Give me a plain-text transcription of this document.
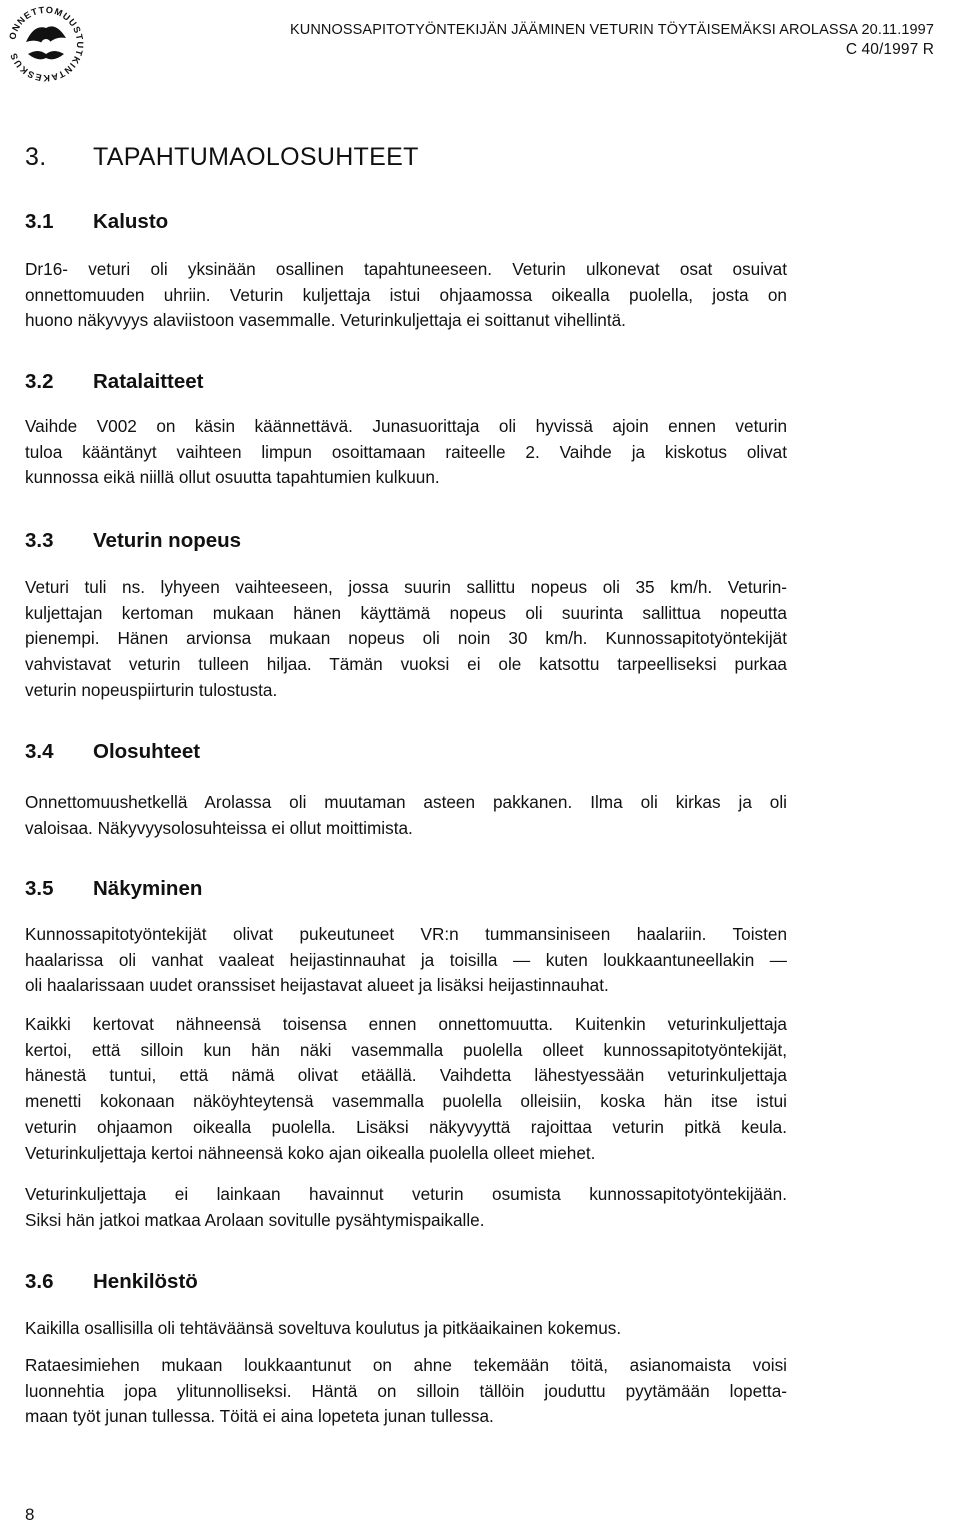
ONNETTOMUUSTUTKINTAKESKUS
KUNNOSSAPITOTYÖNTEKIJÄN JÄÄMINEN VETURIN TÖYTÄISEMÄKSI AROLASSA 20.11.1997
C 40/1997 R
3. TAPAHTUMAOLOSUHTEET
3.1 Kalusto
Dr16- veturi oli yksinään osallinen tapahtuneeseen. Veturin ulkonevat osat osuivat
onnettomuuden uhriin. Veturin kuljettaja istui ohjaamossa oikealla puolella, josta on
huono näkyvyys alaviistoon vasemmalle. Veturinkuljettaja ei soittanut vihellintä.
3.2 Ratalaitteet
Vaihde V002 on käsin käännettävä. Junasuorittaja oli hyvissä ajoin ennen veturin
tuloa kääntänyt vaihteen limpun osoittamaan raiteelle 2. Vaihde ja kiskotus olivat
kunnossa eikä niillä ollut osuutta tapahtumien kulkuun.
3.3 Veturin nopeus
Veturi tuli ns. lyhyeen vaihteeseen, jossa suurin sallittu nopeus oli 35 km/h. Veturin-
kuljettajan kertoman mukaan hänen käyttämä nopeus oli suurinta sallittua nopeutta
pienempi. Hänen arvionsa mukaan nopeus oli noin 30 km/h. Kunnossapitotyöntekijät
vahvistavat veturin tulleen hiljaa. Tämän vuoksi ei ole katsottu tarpeelliseksi purkaa
veturin nopeuspiirturin tulostusta.
3.4 Olosuhteet
Onnettomuushetkellä Arolassa oli muutaman asteen pakkanen. Ilma oli kirkas ja oli
valoisaa. Näkyvyysolosuhteissa ei ollut moittimista.
3.5 Näkyminen
Kunnossapitotyöntekijät olivat pukeutuneet VR:n tummansiniseen haalariin. Toisten
haalarissa oli vanhat vaaleat heijastinnauhat ja toisilla — kuten loukkaantuneellakin —
oli haalarissaan uudet oranssiset heijastavat alueet ja lisäksi heijastinnauhat.
Kaikki kertovat nähneensä toisensa ennen onnettomuutta. Kuitenkin veturinkuljettaja
kertoi, että silloin kun hän näki vasemmalla puolella olleet kunnossapitotyöntekijät,
hänestä tuntui, että nämä olivat etäällä. Vaihdetta lähestyessään veturinkuljettaja
menetti kokonaan näköyhteytensä vasemmalla puolella olleisiin, koska hän itse istui
veturin ohjaamon oikealla puolella. Lisäksi näkyvyyttä rajoittaa veturin pitkä keula.
Veturinkuljettaja kertoi nähneensä koko ajan oikealla puolella olleet miehet.
Veturinkuljettaja ei lainkaan havainnut veturin osumista kunnossapitotyöntekijään.
Siksi hän jatkoi matkaa Arolaan sovitulle pysähtymispaikalle.
3.6 Henkilöstö
Kaikilla osallisilla oli tehtäväänsä soveltuva koulutus ja pitkäaikainen kokemus.
Rataesimiehen mukaan loukkaantunut on ahne tekemään töitä, asianomaista voisi
luonnehtia jopa ylitunnolliseksi. Häntä on silloin tällöin jouduttu pyytämään lopetta-
maan työt junan tullessa. Töitä ei aina lopeteta junan tullessa.
8
